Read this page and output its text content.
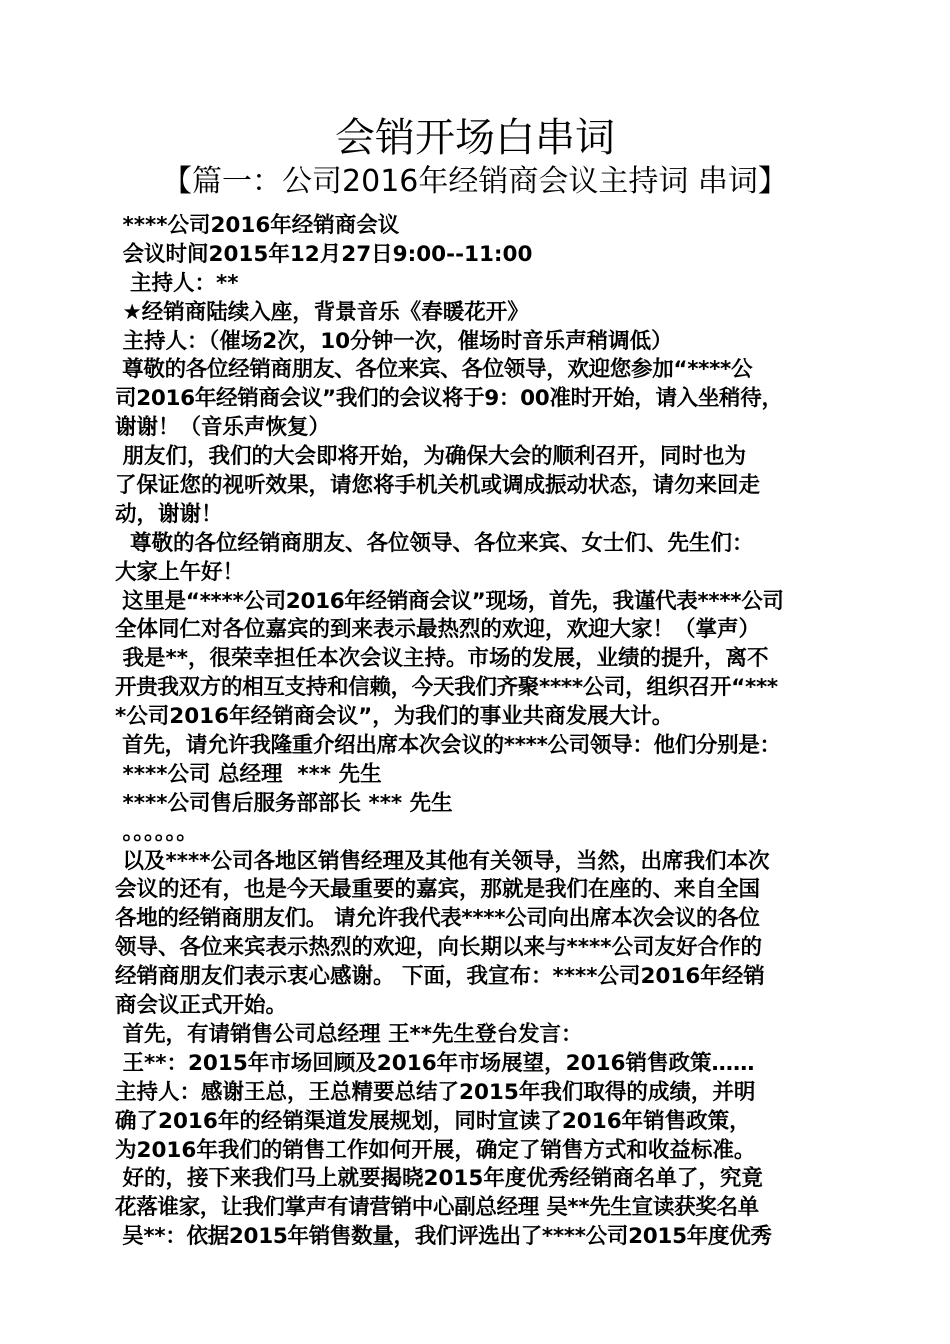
会销开场白串词
【篇一：公司2016年经销商会议主持词 串词】
****公司2016年经销商会议
会议时间2015年12月27日9:00--11:00
主持人：**
★经销商陆续入座，背景音乐《春暖花开》
主持人：（催场2次，10分钟一次，催场时音乐声稍调低）
尊敬的各位经销商朋友、各位来宾、各位领导，欢迎您参加“****公
司2016年经销商会议”我们的会议将于9：00准时开始，请入坐稍待，
谢谢！（音乐声恢复）
朋友们，我们的大会即将开始，为确保大会的顺利召开，同时也为
了保证您的视听效果，请您将手机关机或调成振动状态，请勿来回走
动，谢谢！
尊敬的各位经销商朋友、各位领导、各位来宾、女士们、先生们：
大家上午好！
这里是“****公司2016年经销商会议”现场，首先，我谨代表****公司
全体同仁对各位嘉宾的到来表示最热烈的欢迎，欢迎大家！（掌声）
我是**，很荣幸担任本次会议主持。市场的发展，业绩的提升，离不
开贵我双方的相互支持和信赖，今天我们齐聚****公司，组织召开“***
*公司2016年经销商会议”，为我们的事业共商发展大计。
首先，请允许我隆重介绍出席本次会议的****公司领导：他们分别是：
****公司 总经理  *** 先生
****公司售后服务部部长 *** 先生
。。。。。。
以及****公司各地区销售经理及其他有关领导，当然，出席我们本次
会议的还有，也是今天最重要的嘉宾，那就是我们在座的、来自全国
各地的经销商朋友们。 请允许我代表****公司向出席本次会议的各位
领导、各位来宾表示热烈的欢迎，向长期以来与****公司友好合作的
经销商朋友们表示衷心感谢。 下面，我宣布：****公司2016年经销
商会议正式开始。
首先，有请销售公司总经理 王**先生登台发言：
王**：2015年市场回顾及2016年市场展望，2016销售政策……
主持人：感谢王总，王总精要总结了2015年我们取得的成绩，并明
确了2016年的经销渠道发展规划，同时宣读了2016年销售政策，
为2016年我们的销售工作如何开展，确定了销售方式和收益标准。
好的，接下来我们马上就要揭晓2015年度优秀经销商名单了，究竟
花落谁家，让我们掌声有请营销中心副总经理 吴**先生宣读获奖名单
吴**：依据2015年销售数量，我们评选出了****公司2015年度优秀
